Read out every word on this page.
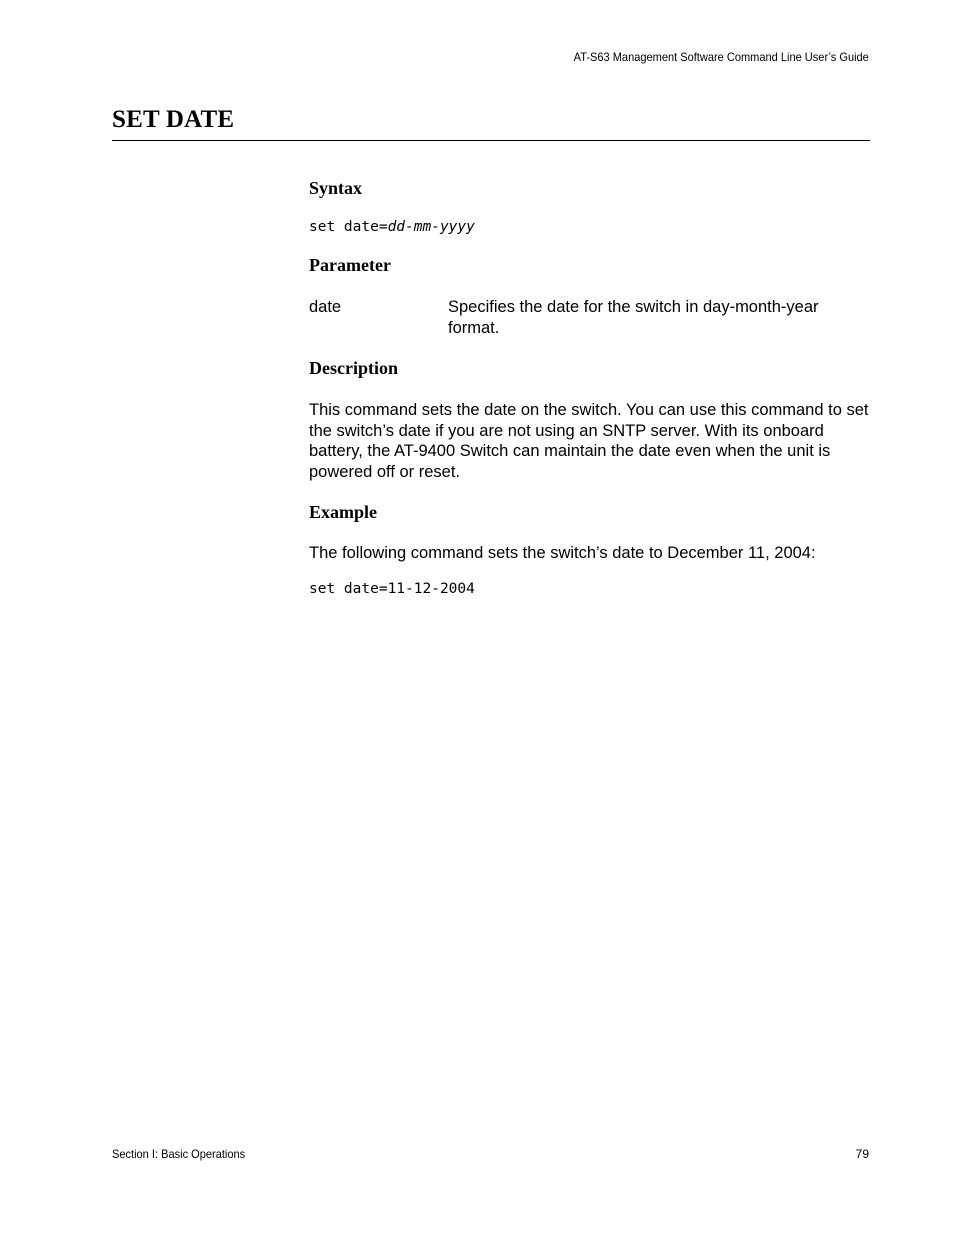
AT-S63 Management Software Command Line User’s Guide
SET DATE
Syntax
set date=dd-mm-yyyy
Parameter
date	Specifies the date for the switch in day-month-year format.

Description

This command sets the date on the switch. You can use this command to set the switch’s date if you are not using an SNTP server. With its onboard battery, the AT-9400 Switch can maintain the date even when the unit is powered off or reset.

Example

The following command sets the switch’s date to December 11, 2004:

set date=11-12-2004
Section I: Basic Operations	79
